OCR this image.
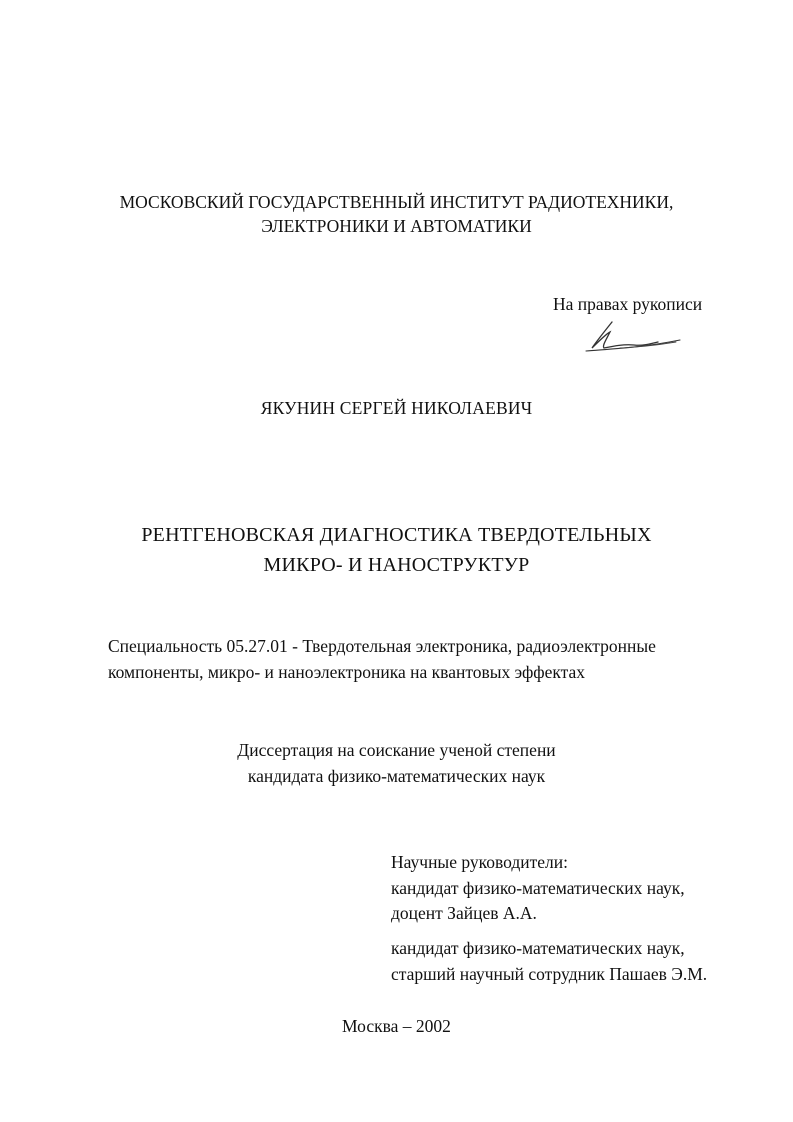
МОСКОВСКИЙ ГОСУДАРСТВЕННЫЙ ИНСТИТУТ РАДИОТЕХНИКИ,
ЭЛЕКТРОНИКИ И АВТОМАТИКИ
На правах рукописи
ЯКУНИН СЕРГЕЙ НИКОЛАЕВИЧ
РЕНТГЕНОВСКАЯ ДИАГНОСТИКА ТВЕРДОТЕЛЬНЫХ
МИКРО- И НАНОСТРУКТУР
Специальность 05.27.01 - Твердотельная электроника, радиоэлектронные
компоненты, микро- и наноэлектроника на квантовых эффектах
Диссертация на соискание ученой степени
кандидата физико-математических наук
Научные руководители:
кандидат физико-математических наук,
доцент Зайцев А.А.
кандидат физико-математических наук,
старший научный сотрудник Пашаев Э.М.
Москва – 2002
